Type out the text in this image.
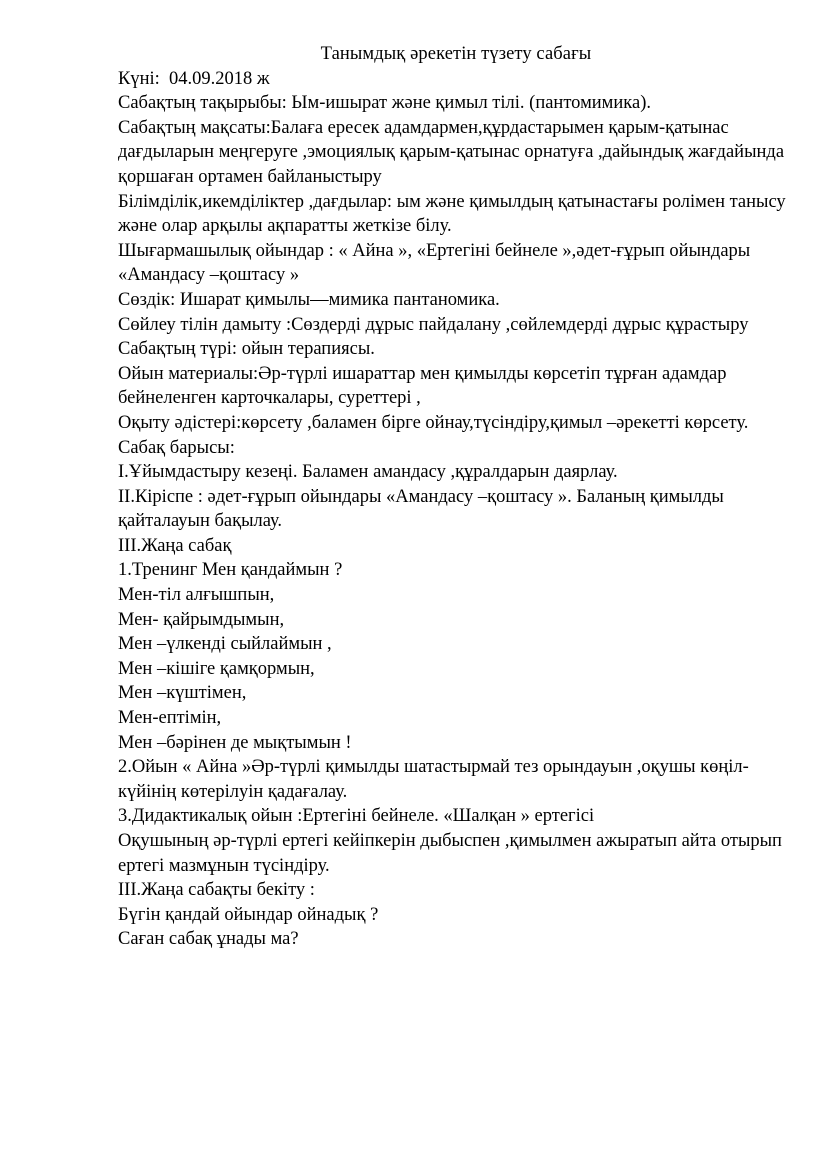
Танымдық әрекетін түзету сабағы

Күні:  04.09.2018 ж

Сабақтың тақырыбы: Ым-ишырат және қимыл тілі. (пантомимика).

Сабақтың мақсаты:Балаға ересек адамдармен,құрдастарымен қарым-қатынас дағдыларын меңгеруге ,эмоциялық қарым-қатынас орнатуға ,дайындық жағдайында қоршаған ортамен байланыстыру

Білімділік,икемділіктер ,дағдылар: ым және қимылдың қатынастағы ролімен танысу және олар арқылы ақпаратты жеткізе білу.

Шығармашылық ойындар : « Айна », «Ертегіні бейнеле »,әдет-ғұрып ойындары «Амандасу –қоштасу »

Сөздік: Ишарат қимылы—мимика пантаномика.

Сөйлеу тілін дамыту :Сөздерді дұрыс пайдалану ,сөйлемдерді дұрыс құрастыру

Сабақтың түрі: ойын терапиясы.

Ойын материалы:Әр-түрлі ишараттар мен қимылды көрсетіп тұрған адамдар бейнеленген карточкалары, суреттері ,

Оқыту әдістері:көрсету ,баламен бірге ойнау,түсіндіру,қимыл –әрекетті көрсету.

Сабақ барысы:

І.Ұйымдастыру кезеңі. Баламен амандасу ,құралдарын даярлау.

ІІ.Кіріспе : әдет-ғұрып ойындары «Амандасу –қоштасу ». Баланың қимылды қайталауын бақылау.

ІІІ.Жаңа сабақ

1.Тренинг Мен қандаймын ?

Мен-тіл алғышпын,

Мен- қайрымдымын,

Мен –үлкенді сыйлаймын ,

Мен –кішіге қамқормын,

Мен –күштімен,

Мен-ептімін,

Мен –бәрінен де мықтымын !

2.Ойын « Айна »Әр-түрлі қимылды шатастырмай тез орындауын ,оқушы көңіл-күйінің көтерілуін қадағалау.

3.Дидактикалық ойын :Ертегіні бейнеле. «Шалқан » ертегісі

Оқушының әр-түрлі ертегі кейіпкерін дыбыспен ,қимылмен ажыратып айта отырып ертегі мазмұнын түсіндіру.

ІІІ.Жаңа сабақты бекіту :

Бүгін қандай ойындар ойнадық ?

Саған сабақ ұнады ма?
